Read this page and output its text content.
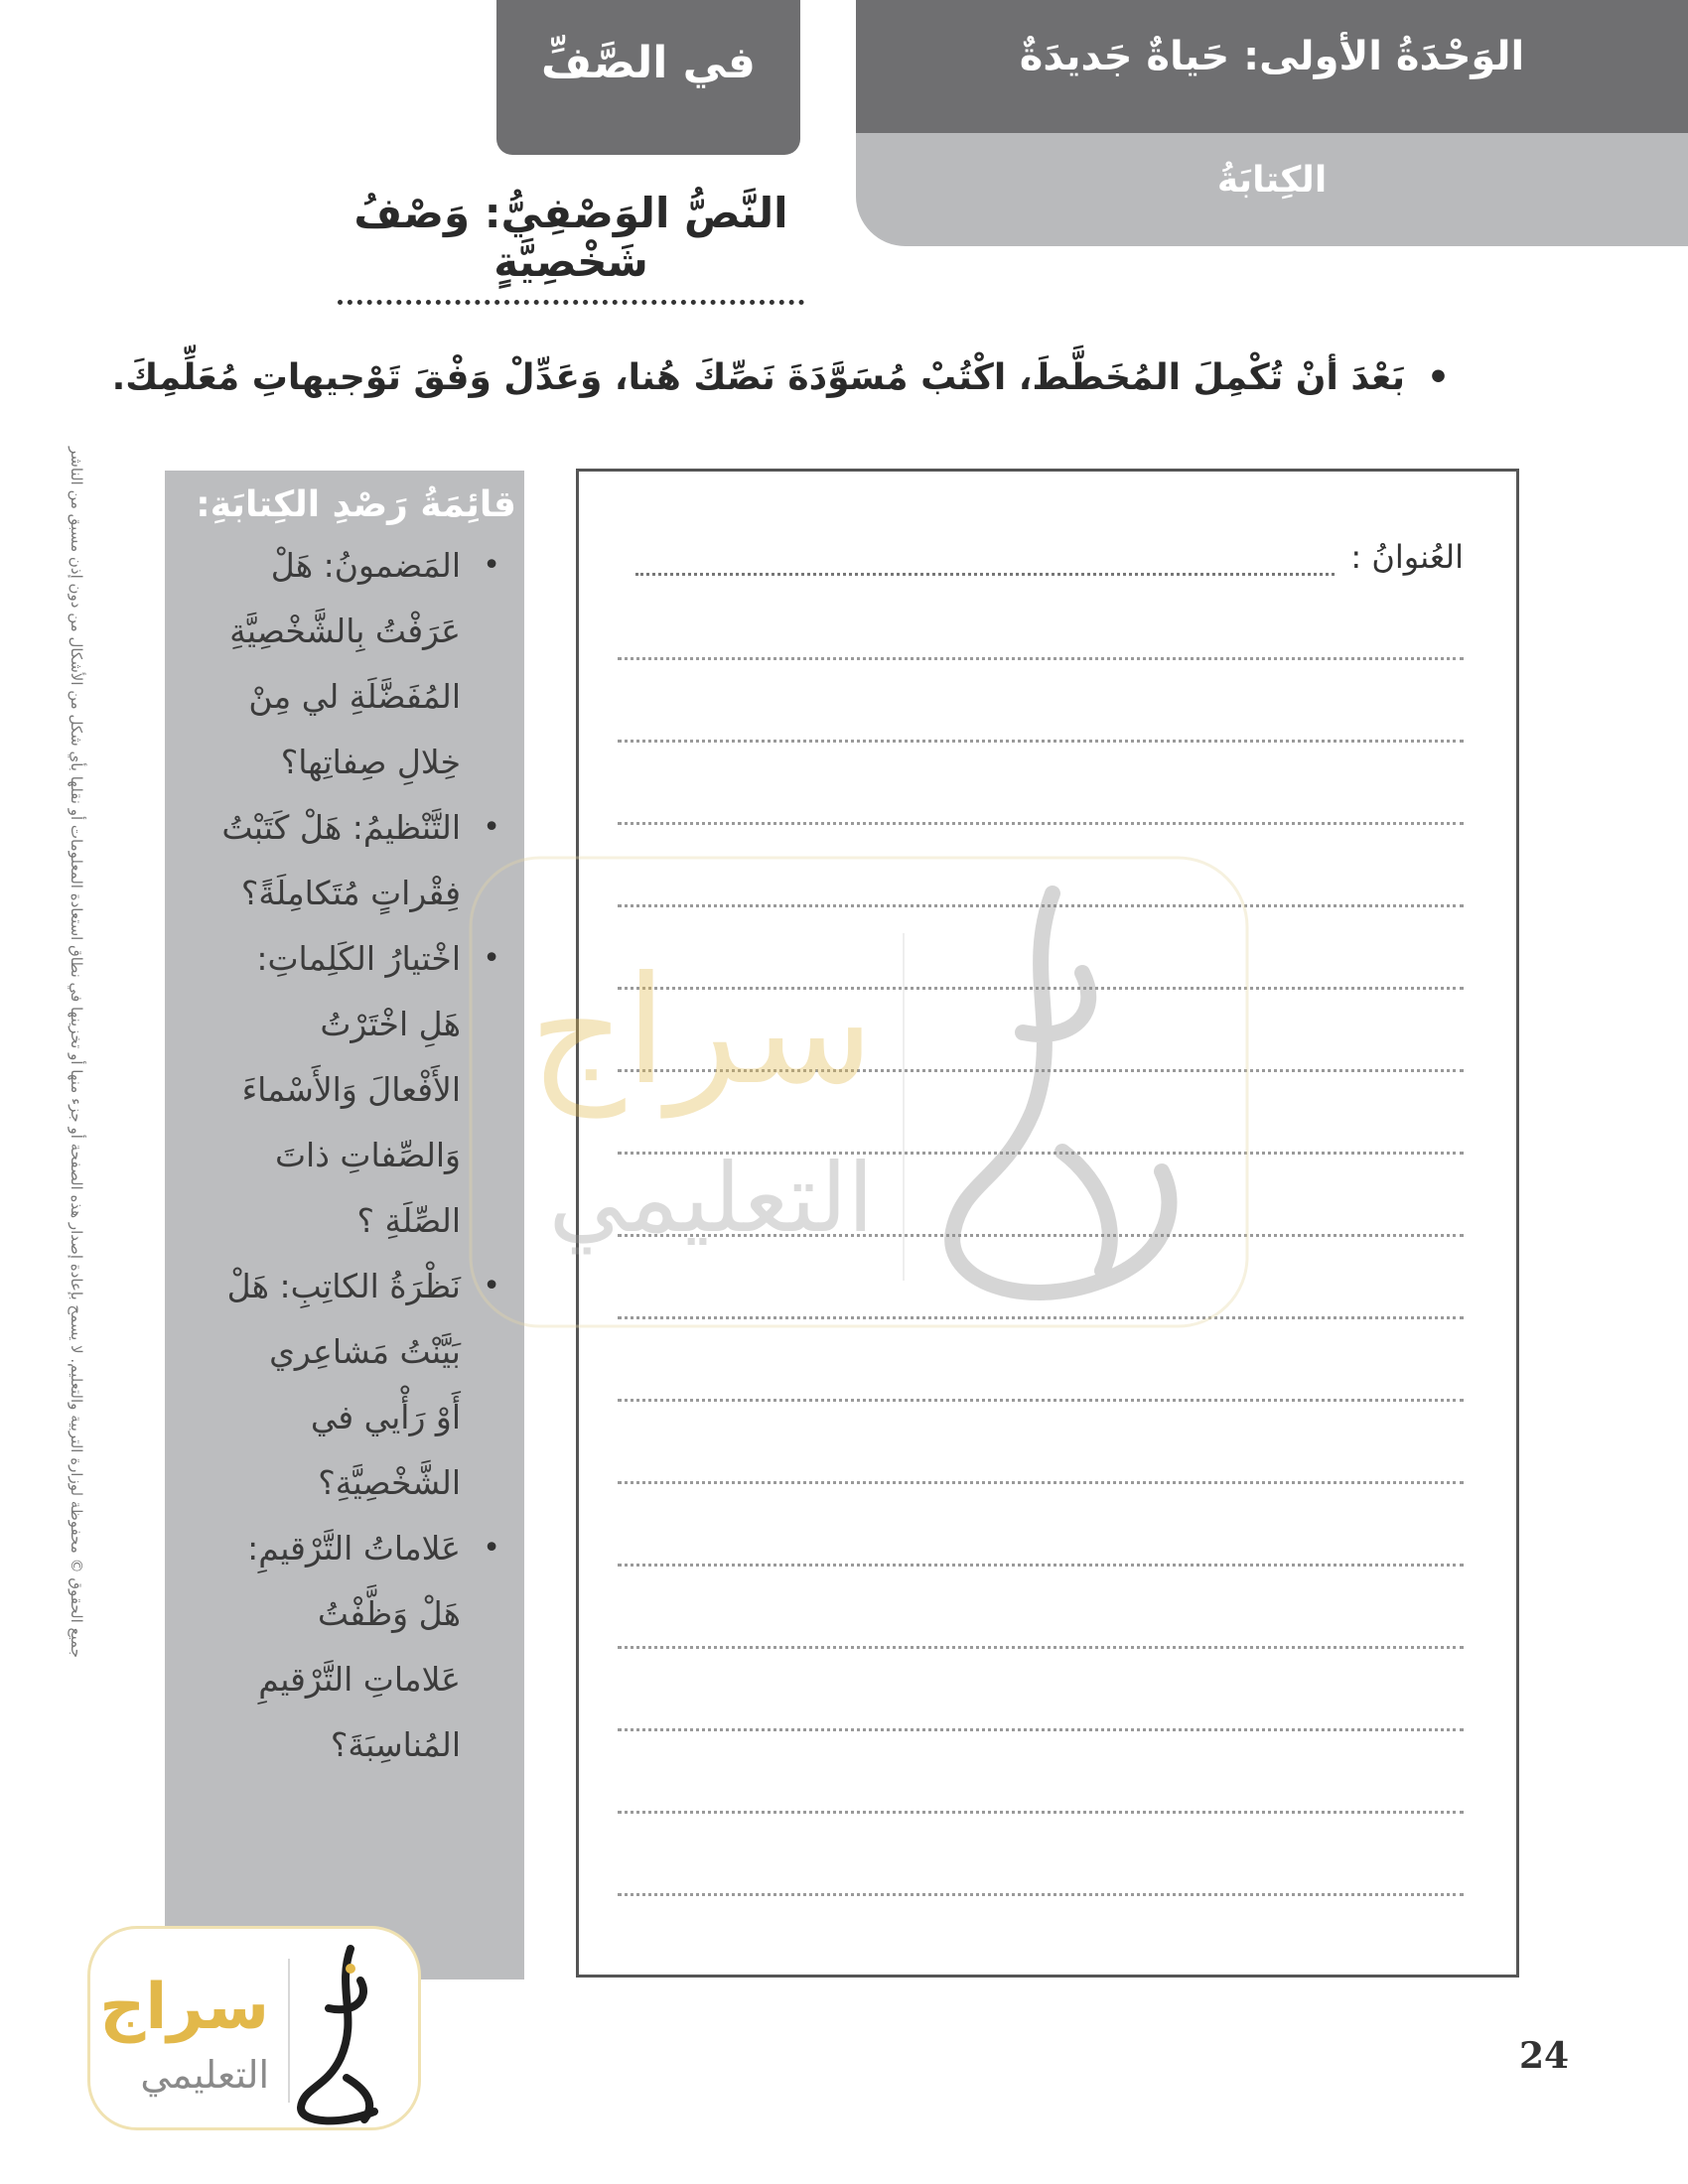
في الصَّفِّ	الوَحْدَةُ الأولى: حَياةٌ جَديدَةٌ
الكِتابَةُ
النَّصُّ الوَصْفِيُّ: وَصْفُ شَخْصِيَّةٍ
•بَعْدَ أنْ تُكْمِلَ المُخَطَّطَ، اكْتُبْ مُسَوَّدَةَ نَصِّكَ هُنا، وَعَدِّلْ وَفْقَ تَوْجيهاتِ مُعَلِّمِكَ.
جميع الحقوق © محفوظة لوزارة التربية والتعليم. لا يسمح بإعادة إصدار هذه الصفحة أو جزء منها أو تخزينها في نطاق استعادة المعلومات أو نقلها بأي شكل من الأشكال من دون إذن مسبق من الناشر	قائِمَةُ رَصْدِ الكِتابَةِ:
•
المَضمونُ: هَلْ
عَرَفْتُ بِالشَّخْصِيَّةِ
المُفَضَّلَةِ لي مِنْ
خِلالِ صِفاتِها؟
•
التَّنْظيمُ: هَلْ كَتَبْتُ
فِقْراتٍ مُتَكامِلَةً؟
•
اخْتيارُ الكَلِماتِ:
هَلِ اخْتَرْتُ
الأَفْعالَ وَالأَسْماءَ
وَالصِّفاتِ ذاتَ
الصِّلَةِ ؟
•
نَظْرَةُ الكاتِبِ: هَلْ
بَيَّنْتُ مَشاعِري
أَوْ رَأْيي في
الشَّخْصِيَّةِ؟
•
عَلاماتُ التَّرْقيمِ:
هَلْ وَظَّفْتُ
عَلاماتِ التَّرْقيمِ
المُناسِبَةَ؟
العُنوانُ :
سراج
التعليمي
سراج
التعليمي	24
